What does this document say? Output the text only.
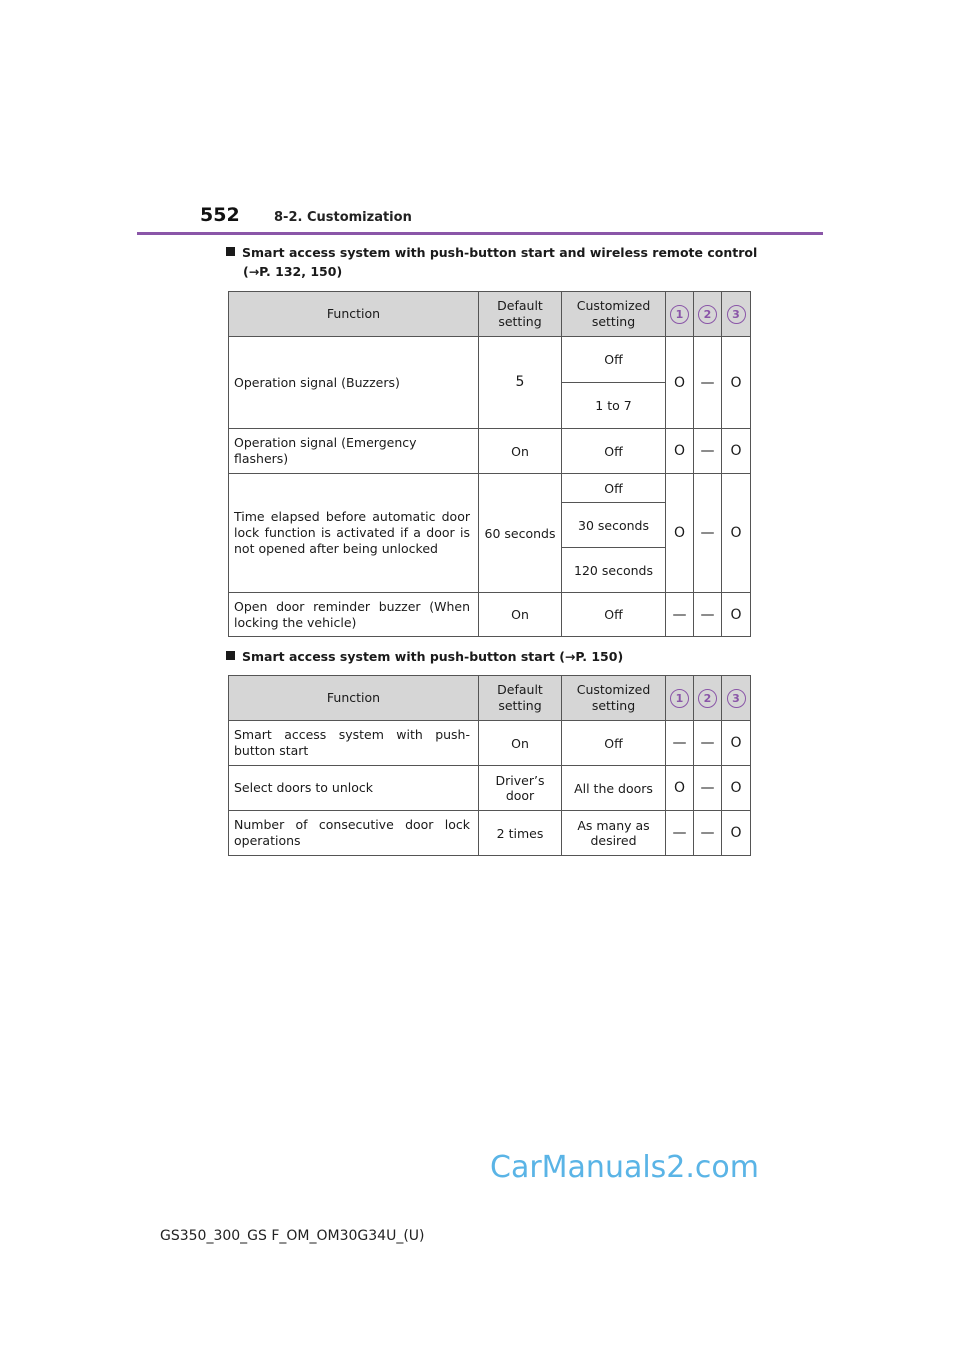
552	8-2. Customization
Smart access system with push-button start and wireless remote control
(→P. 132, 150)
Function	Default setting	Customized setting	1	2	3
Operation signal (Buzzers)	5	Off	O	—	O
		1 to 7			
Operation signal (Emergency flashers)	On	Off	O	—	O
Time elapsed before automatic door lock function is activated if a door is not opened after being unlocked	60 seconds	Off	O	—	O
		30 seconds			
		120 seconds			
Open door reminder buzzer (When locking the vehicle)	On	Off	—	—	O
Smart access system with push-button start (→P. 150)
Function	Default setting	Customized setting	1	2	3
Smart access system with push-button start	On	Off	—	—	O
Select doors to unlock	Driver’s door	All the doors	O	—	O
Number of consecutive door lock operations	2 times	As many as desired	—	—	O
CarManuals2.com
GS350_300_GS F_OM_OM30G34U_(U)
